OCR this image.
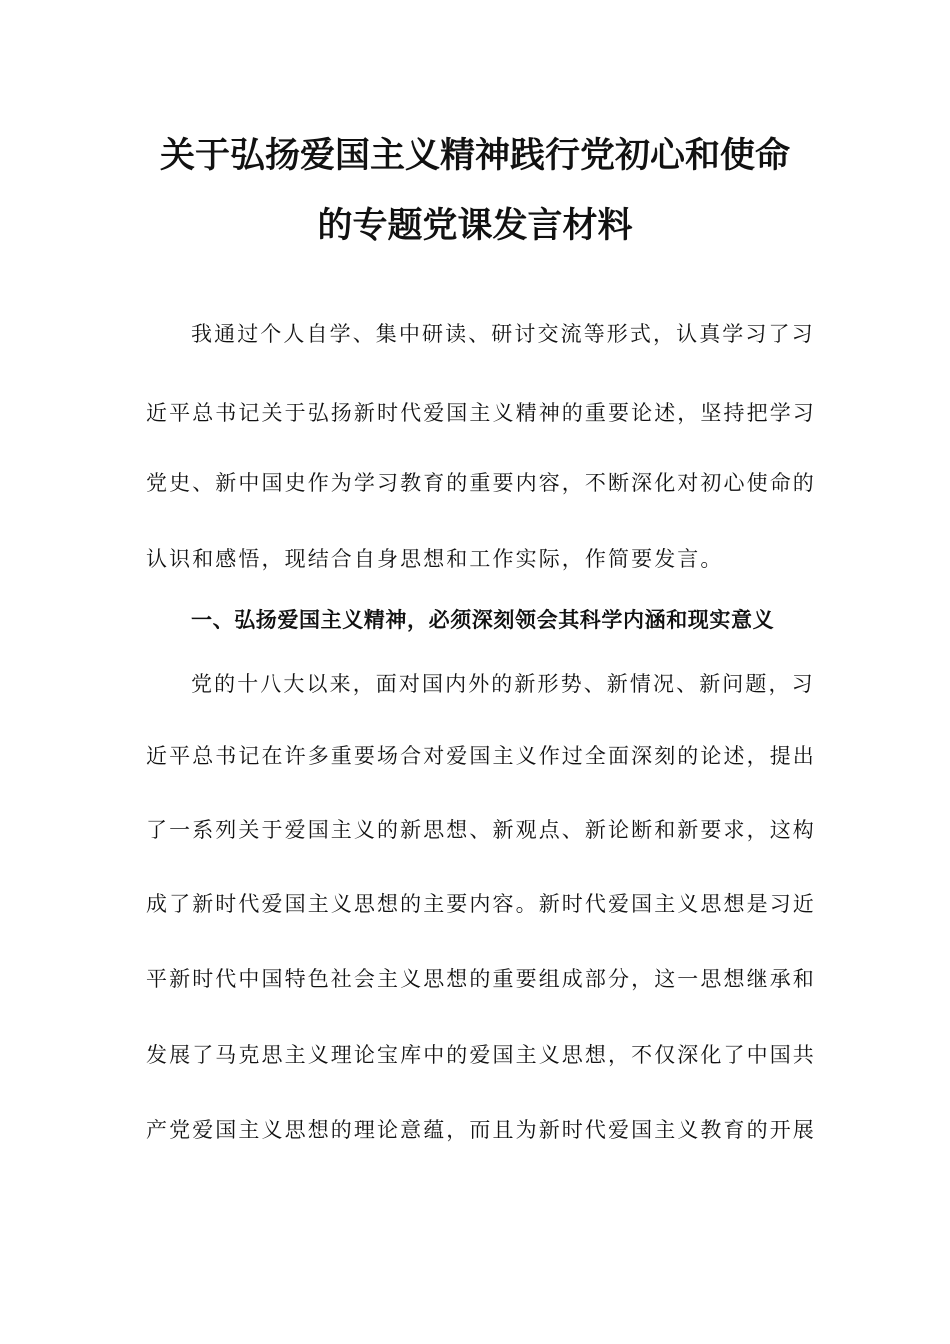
关于弘扬爱国主义精神践行党初心和使命
的专题党课发言材料
我通过个人自学、集中研读、研讨交流等形式，认真学习了习
近平总书记关于弘扬新时代爱国主义精神的重要论述，坚持把学习
党史、新中国史作为学习教育的重要内容，不断深化对初心使命的
认识和感悟，现结合自身思想和工作实际，作简要发言。
一、弘扬爱国主义精神，必须深刻领会其科学内涵和现实意义
党的十八大以来，面对国内外的新形势、新情况、新问题，习
近平总书记在许多重要场合对爱国主义作过全面深刻的论述，提出
了一系列关于爱国主义的新思想、新观点、新论断和新要求，这构
成了新时代爱国主义思想的主要内容。新时代爱国主义思想是习近
平新时代中国特色社会主义思想的重要组成部分，这一思想继承和
发展了马克思主义理论宝库中的爱国主义思想，不仅深化了中国共
产党爱国主义思想的理论意蕴，而且为新时代爱国主义教育的开展
